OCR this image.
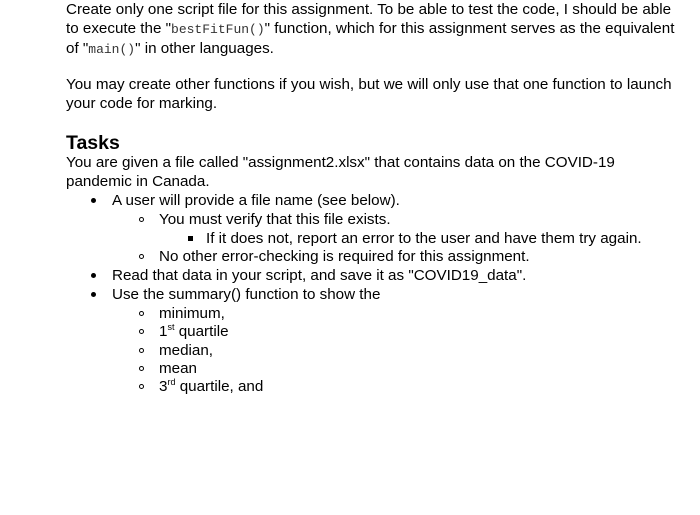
Create only one script file for this assignment. To be able to test the code, I should be able to execute the "bestFitFun()" function, which for this assignment serves as the equivalent of "main()" in other languages.

You may create other functions if you wish, but we will only use that one function to launch your code for marking.

Tasks

You are given a file called "assignment2.xlsx" that contains data on the COVID-19 pandemic in Canada.

A user will provide a file name (see below).
You must verify that this file exists.
If it does not, report an error to the user and have them try again.
No other error-checking is required for this assignment.
Read that data in your script, and save it as "COVID19_data".
Use the summary() function to show the
minimum,
1st quartile
median,
mean
3rd quartile, and
